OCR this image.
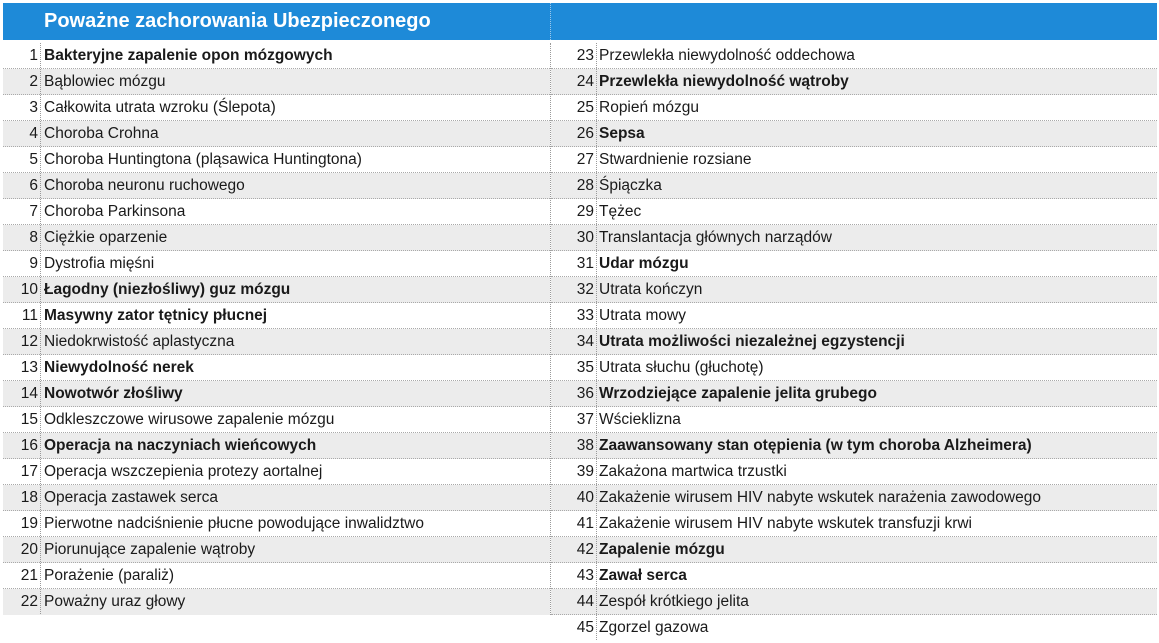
Poważne zachorowania Ubezpieczonego
1 Bakteryjne zapalenie opon mózgowych
2 Bąblowiec mózgu
3 Całkowita utrata wzroku (Ślepota)
4 Choroba Crohna
5 Choroba Huntingtona (pląsawica Huntingtona)
6 Choroba neuronu ruchowego
7 Choroba Parkinsona
8 Ciężkie oparzenie
9 Dystrofia mięśni
10 Łagodny (niezłośliwy) guz mózgu
11 Masywny zator tętnicy płucnej
12 Niedokrwistość aplastyczna
13 Niewydolność nerek
14 Nowotwór złośliwy
15 Odkleszczowe wirusowe zapalenie mózgu
16 Operacja na naczyniach wieńcowych
17 Operacja wszczepienia protezy aortalnej
18 Operacja zastawek serca
19 Pierwotne nadciśnienie płucne powodujące inwalidztwo
20 Piorunujące zapalenie wątroby
21 Porażenie (paraliż)
22 Poważny uraz głowy
23 Przewlekła niewydolność oddechowa
24 Przewlekła niewydolność wątroby
25 Ropień mózgu
26 Sepsa
27 Stwardnienie rozsiane
28 Śpiączka
29 Tężec
30 Translantacja głównych narządów
31 Udar mózgu
32 Utrata kończyn
33 Utrata mowy
34 Utrata możliwości niezależnej egzystencji
35 Utrata słuchu (głuchotę)
36 Wrzodziejące zapalenie jelita grubego
37 Wścieklizna
38 Zaawansowany stan otępienia (w tym choroba Alzheimera)
39 Zakażona martwica trzustki
40 Zakażenie wirusem HIV nabyte wskutek narażenia zawodowego
41 Zakażenie wirusem HIV nabyte wskutek transfuzji krwi
42 Zapalenie mózgu
43 Zawał serca
44 Zespół krótkiego jelita
45 Zgorzel gazowa
